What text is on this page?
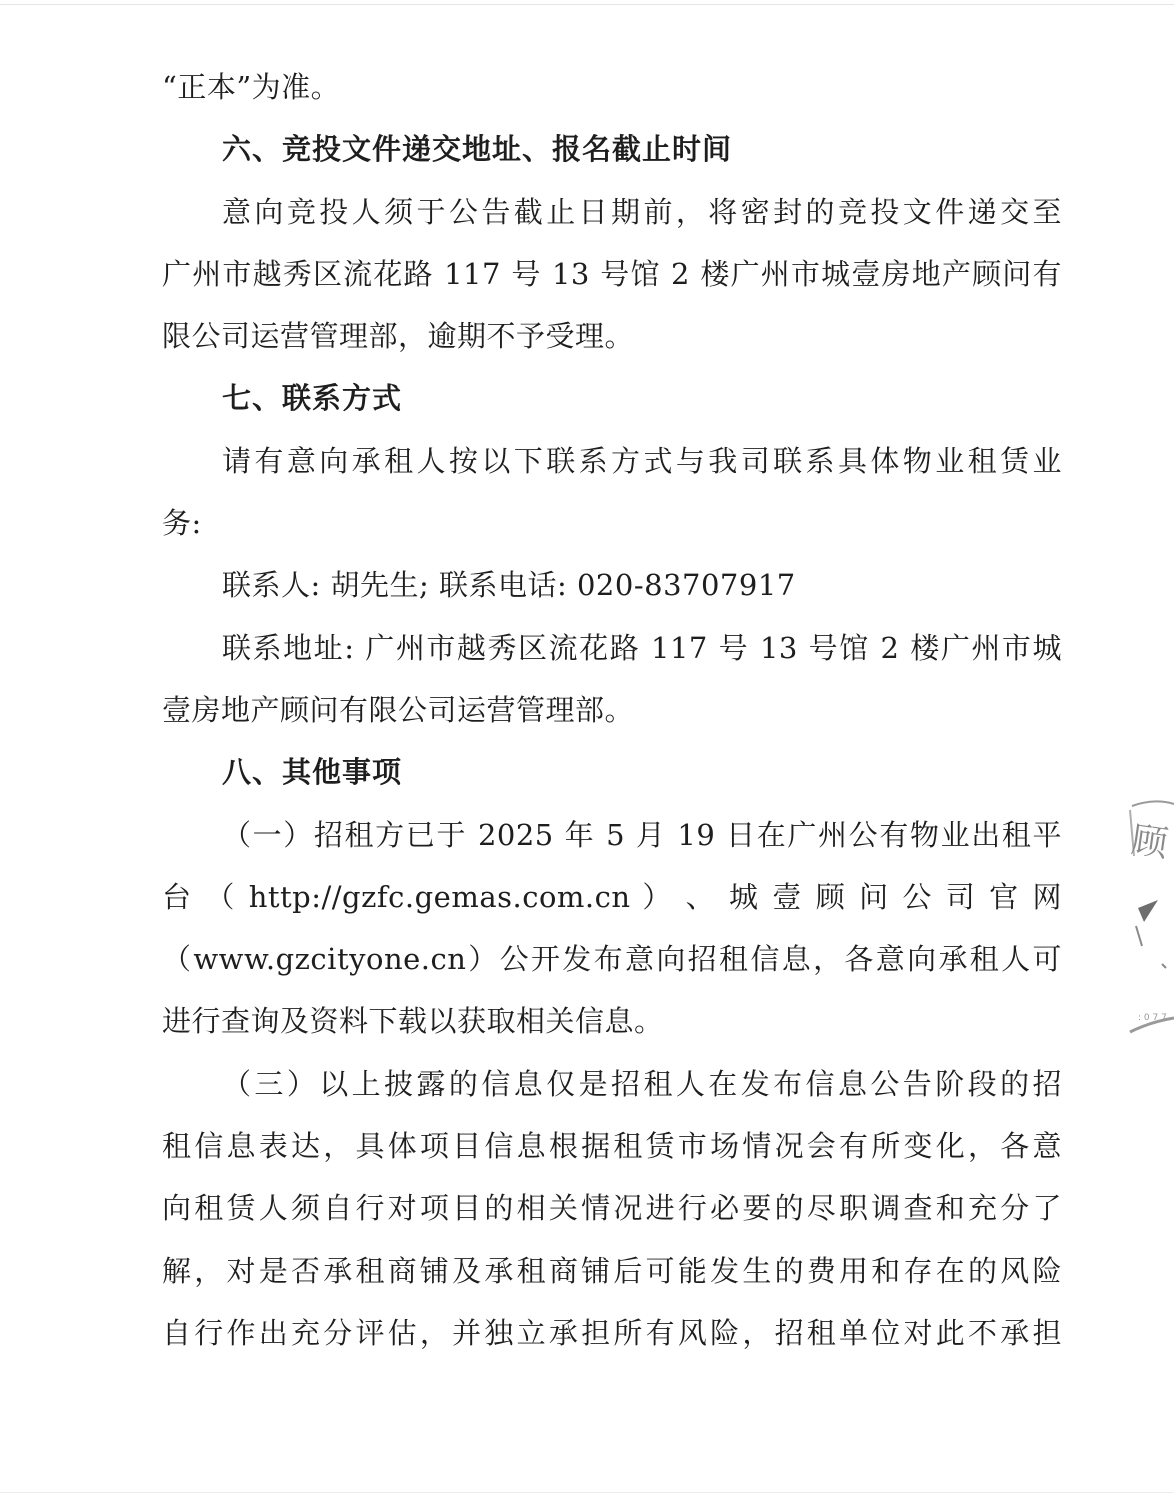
“正本”为准。
六、竞投文件递交地址、报名截止时间
意向竞投人须于公告截止日期前，将密封的竞投文件递交至
广州市越秀区流花路 117 号 13 号馆 2 楼广州市城壹房地产顾问有
限公司运营管理部，逾期不予受理。
七、联系方式
请有意向承租人按以下联系方式与我司联系具体物业租赁业
务:
联系人: 胡先生; 联系电话: 020-83707917
联系地址: 广州市越秀区流花路 117 号 13 号馆 2 楼广州市城
壹房地产顾问有限公司运营管理部。
八、其他事项
（一）招租方已于 2025 年 5 月 19 日在广州公有物业出租平
台 （ http://gzfc.gemas.com.cn ） 、 城 壹 顾 问 公 司 官 网
（www.gzcityone.cn）公开发布意向招租信息，各意向承租人可
进行查询及资料下载以获取相关信息。
（三）以上披露的信息仅是招租人在发布信息公告阶段的招
租信息表达，具体项目信息根据租赁市场情况会有所变化，各意
向租赁人须自行对项目的相关情况进行必要的尽职调查和充分了
解，对是否承租商铺及承租商铺后可能发生的费用和存在的风险
自行作出充分评估，并独立承担所有风险，招租单位对此不承担
: 0 7 7
顾
